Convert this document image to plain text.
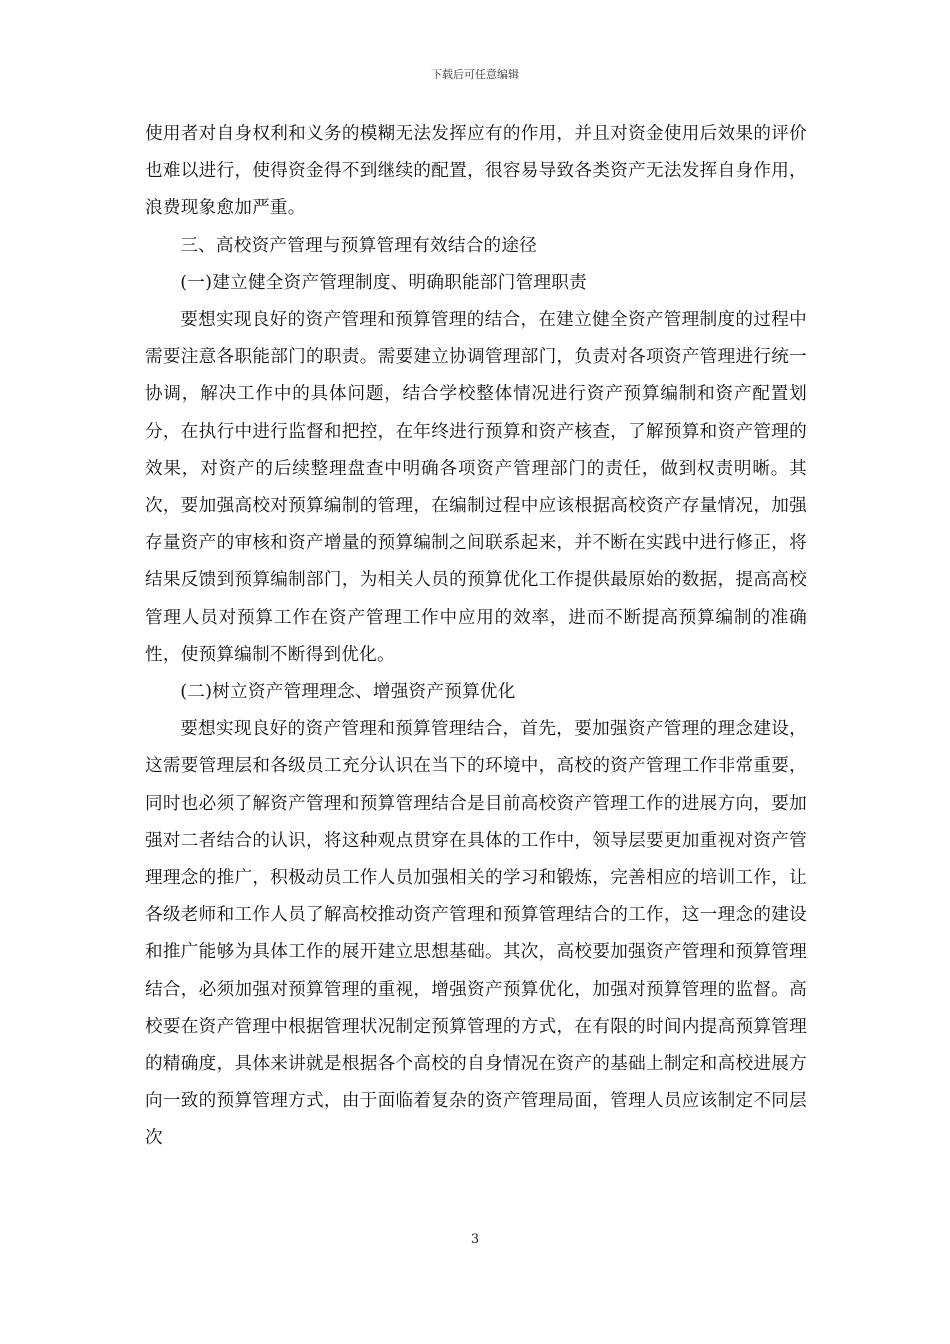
下载后可任意编辑

使用者对自身权利和义务的模糊无法发挥应有的作用，并且对资金使用后效果的评价也难以进行，使得资金得不到继续的配置，很容易导致各类资产无法发挥自身作用，浪费现象愈加严重。

三、高校资产管理与预算管理有效结合的途径

(一)建立健全资产管理制度、明确职能部门管理职责

要想实现良好的资产管理和预算管理的结合，在建立健全资产管理制度的过程中需要注意各职能部门的职责。需要建立协调管理部门，负责对各项资产管理进行统一协调，解决工作中的具体问题，结合学校整体情况进行资产预算编制和资产配置划分，在执行中进行监督和把控，在年终进行预算和资产核查，了解预算和资产管理的效果，对资产的后续整理盘查中明确各项资产管理部门的责任，做到权责明晰。其次，要加强高校对预算编制的管理，在编制过程中应该根据高校资产存量情况，加强存量资产的审核和资产增量的预算编制之间联系起来，并不断在实践中进行修正，将结果反馈到预算编制部门，为相关人员的预算优化工作提供最原始的数据，提高高校管理人员对预算工作在资产管理工作中应用的效率，进而不断提高预算编制的准确性，使预算编制不断得到优化。

(二)树立资产管理理念、增强资产预算优化

要想实现良好的资产管理和预算管理结合，首先，要加强资产管理的理念建设，这需要管理层和各级员工充分认识在当下的环境中，高校的资产管理工作非常重要，同时也必须了解资产管理和预算管理结合是目前高校资产管理工作的进展方向，要加强对二者结合的认识，将这种观点贯穿在具体的工作中，领导层要更加重视对资产管理理念的推广，积极动员工作人员加强相关的学习和锻炼，完善相应的培训工作，让各级老师和工作人员了解高校推动资产管理和预算管理结合的工作，这一理念的建设和推广能够为具体工作的展开建立思想基础。其次，高校要加强资产管理和预算管理结合，必须加强对预算管理的重视，增强资产预算优化，加强对预算管理的监督。高校要在资产管理中根据管理状况制定预算管理的方式，在有限的时间内提高预算管理的精确度，具体来讲就是根据各个高校的自身情况在资产的基础上制定和高校进展方向一致的预算管理方式，由于面临着复杂的资产管理局面，管理人员应该制定不同层次

3
